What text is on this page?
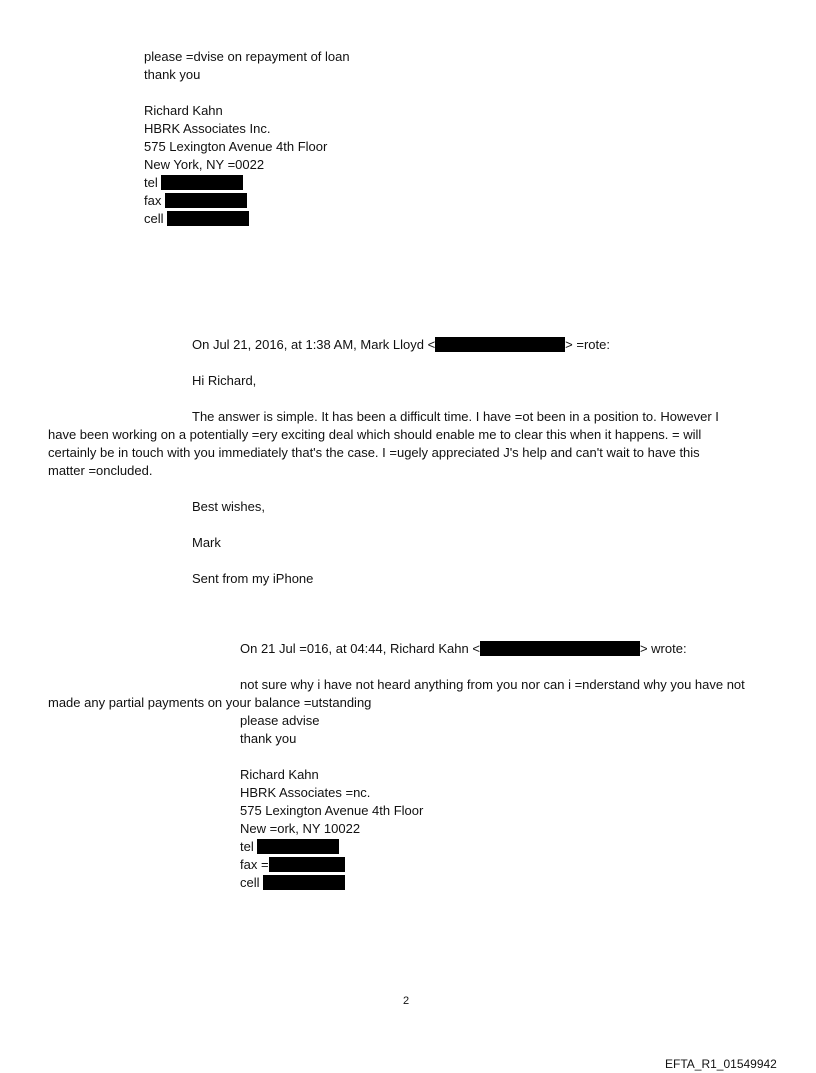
please =dvise on repayment of loan
thank you
Richard Kahn
HBRK Associates Inc.
575 Lexington Avenue 4th Floor
New York, NY =0022
tel
fax
cell
On Jul 21, 2016, at 1:38 AM, Mark Lloyd <	> =rote:
Hi Richard,
The answer is simple. It has been a difficult time. I have =ot been in a position to. However I
have been working on a potentially =ery exciting deal which should enable me to clear this when it happens. = will
certainly be in touch with you immediately that's the case. I =ugely appreciated J's help and can't wait to have this
matter =oncluded.
Best wishes,
Mark
Sent from my iPhone
On 21 Jul =016, at 04:44, Richard Kahn <	> wrote:
not sure why i have not heard anything from you nor can i =nderstand why you have not
made any partial payments on your balance =utstanding
please advise
thank you
Richard Kahn
HBRK Associates =nc.
575 Lexington Avenue 4th Floor
New =ork, NY 10022
tel
fax =
cell
2
EFTA_R1_01549942
